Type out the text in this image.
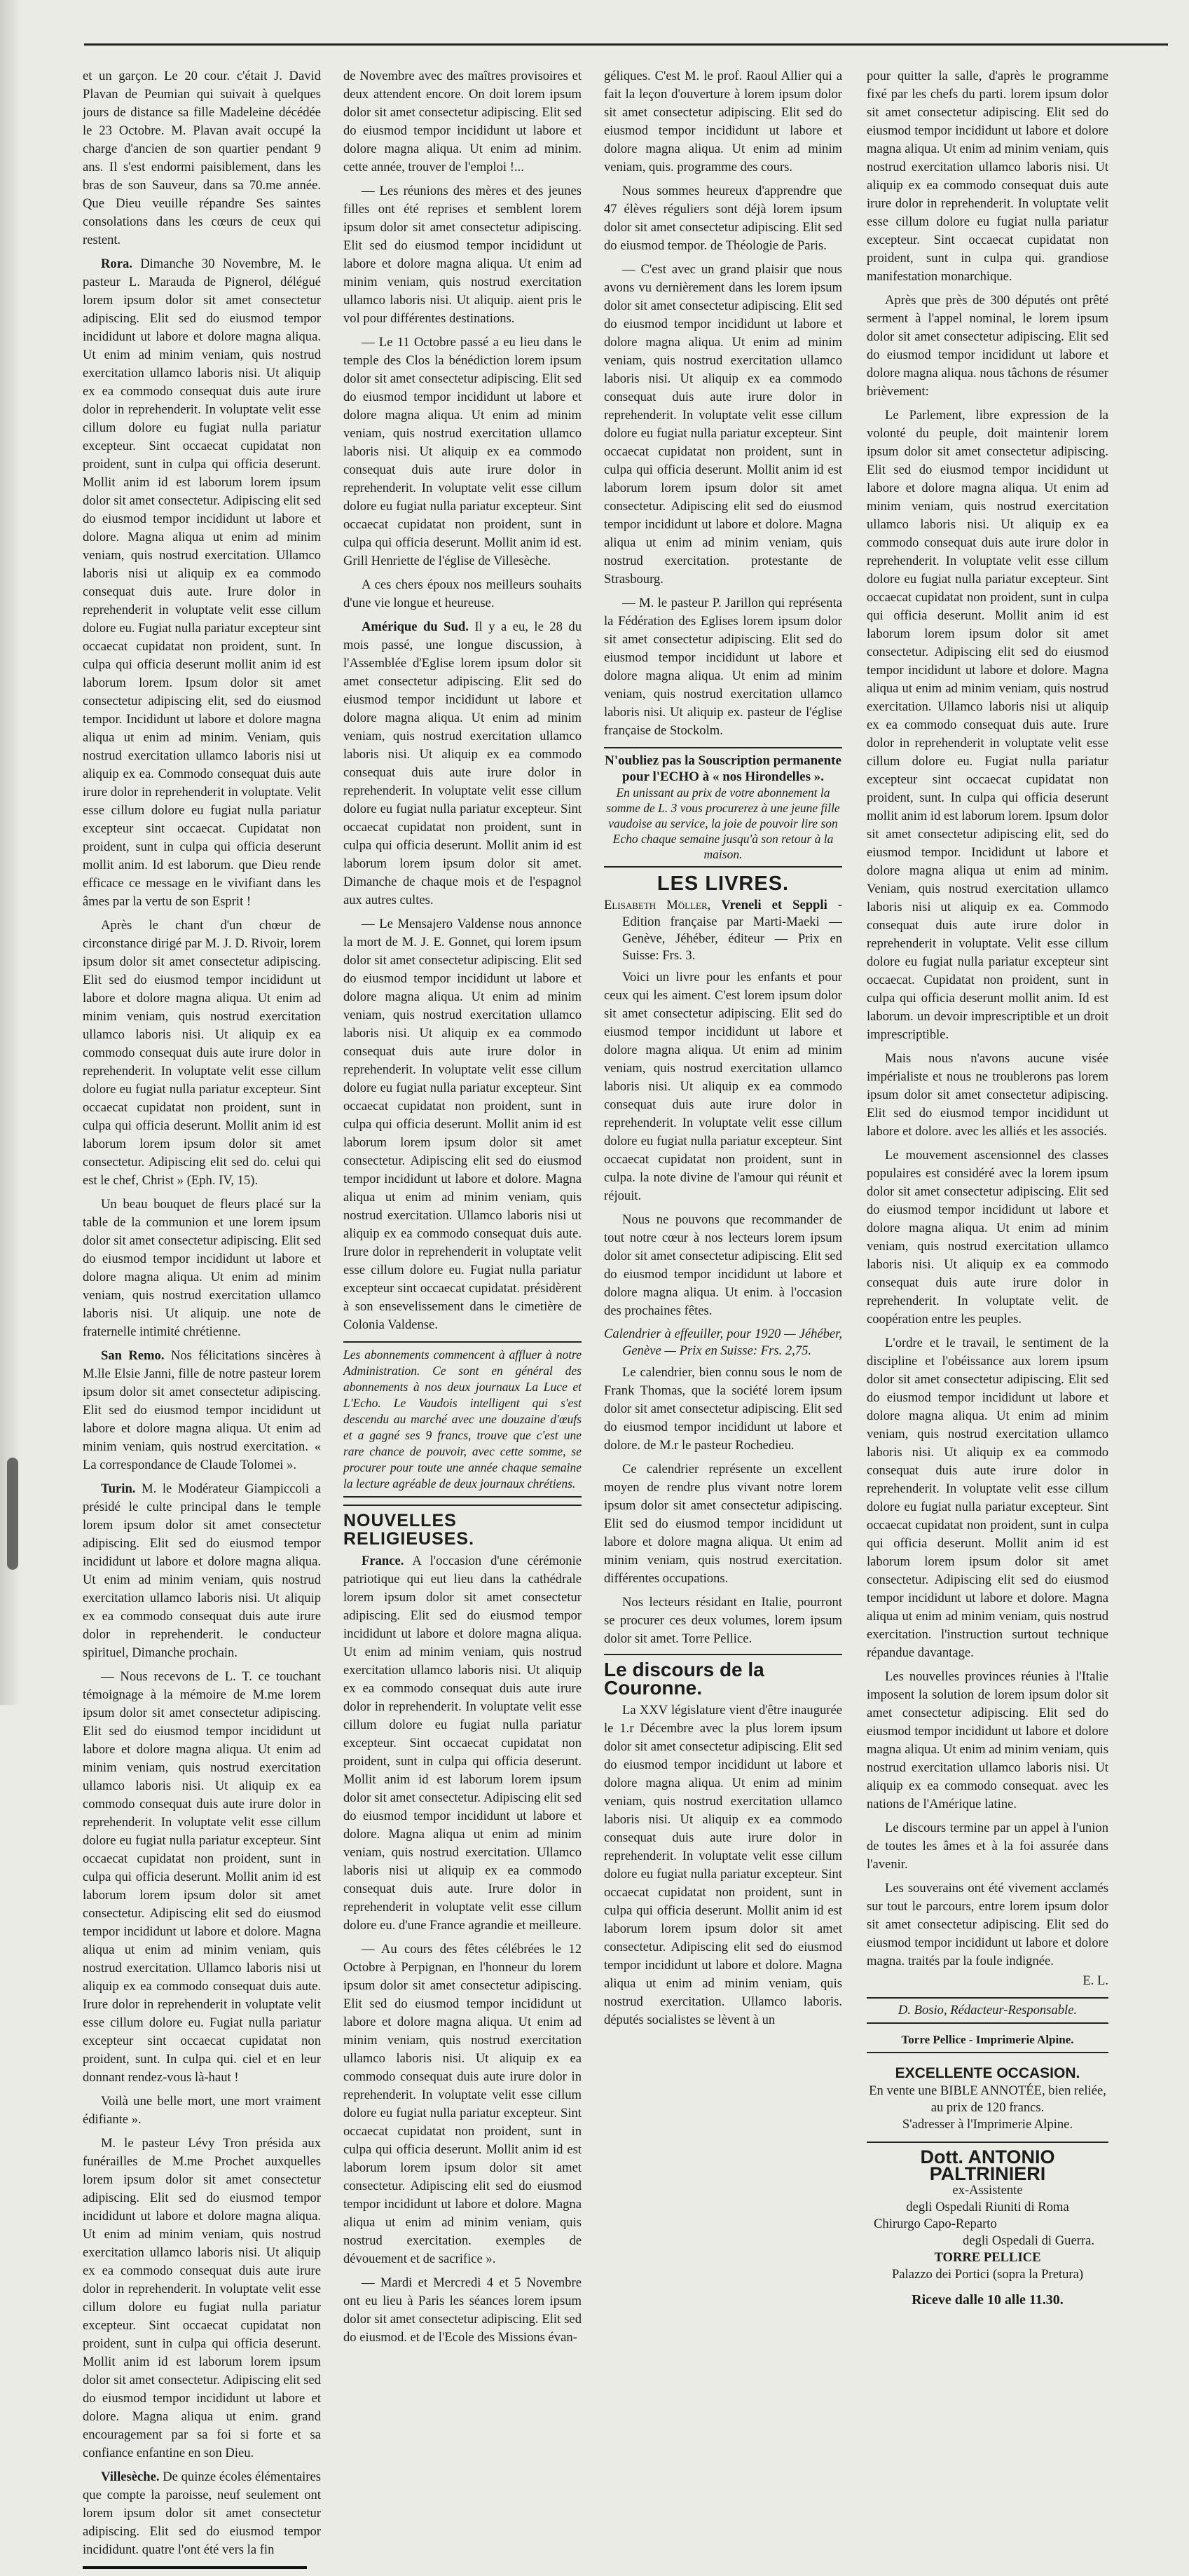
et un garçon. Le 20 cour. c'était J. David Plavan de Peumian qui suivait à quelques jours de distance sa fille Madeleine décédée le 23 Octobre. M. Plavan avait occupé la charge d'ancien de son quartier pendant 9 ans. Il s'est endormi paisiblement, dans les bras de son Sauveur, dans sa 70.me année. Que Dieu veuille répandre Ses saintes consolations dans les cœurs de ceux qui restent.

Rora. Dimanche 30 Novembre, M. le pasteur L. Marauda de Pignerol, délégué lorem ipsum dolor sit amet consectetur adipiscing. Elit sed do eiusmod tempor incididunt ut labore et dolore magna aliqua. Ut enim ad minim veniam, quis nostrud exercitation ullamco laboris nisi. Ut aliquip ex ea commodo consequat duis aute irure dolor in reprehenderit. In voluptate velit esse cillum dolore eu fugiat nulla pariatur excepteur. Sint occaecat cupidatat non proident, sunt in culpa qui officia deserunt. Mollit anim id est laborum lorem ipsum dolor sit amet consectetur. Adipiscing elit sed do eiusmod tempor incididunt ut labore et dolore. Magna aliqua ut enim ad minim veniam, quis nostrud exercitation. Ullamco laboris nisi ut aliquip ex ea commodo consequat duis aute. Irure dolor in reprehenderit in voluptate velit esse cillum dolore eu. Fugiat nulla pariatur excepteur sint occaecat cupidatat non proident, sunt. In culpa qui officia deserunt mollit anim id est laborum lorem. Ipsum dolor sit amet consectetur adipiscing elit, sed do eiusmod tempor. Incididunt ut labore et dolore magna aliqua ut enim ad minim. Veniam, quis nostrud exercitation ullamco laboris nisi ut aliquip ex ea. Commodo consequat duis aute irure dolor in reprehenderit in voluptate. Velit esse cillum dolore eu fugiat nulla pariatur excepteur sint occaecat. Cupidatat non proident, sunt in culpa qui officia deserunt mollit anim. Id est laborum. que Dieu rende efficace ce message en le vivifiant dans les âmes par la vertu de son Esprit !

Après le chant d'un chœur de circonstance dirigé par M. J. D. Rivoir, lorem ipsum dolor sit amet consectetur adipiscing. Elit sed do eiusmod tempor incididunt ut labore et dolore magna aliqua. Ut enim ad minim veniam, quis nostrud exercitation ullamco laboris nisi. Ut aliquip ex ea commodo consequat duis aute irure dolor in reprehenderit. In voluptate velit esse cillum dolore eu fugiat nulla pariatur excepteur. Sint occaecat cupidatat non proident, sunt in culpa qui officia deserunt. Mollit anim id est laborum lorem ipsum dolor sit amet consectetur. Adipiscing elit sed do. celui qui est le chef, Christ » (Eph. IV, 15).

Un beau bouquet de fleurs placé sur la table de la communion et une lorem ipsum dolor sit amet consectetur adipiscing. Elit sed do eiusmod tempor incididunt ut labore et dolore magna aliqua. Ut enim ad minim veniam, quis nostrud exercitation ullamco laboris nisi. Ut aliquip. une note de fraternelle intimité chrétienne.

San Remo. Nos félicitations sincères à M.lle Elsie Janni, fille de notre pasteur lorem ipsum dolor sit amet consectetur adipiscing. Elit sed do eiusmod tempor incididunt ut labore et dolore magna aliqua. Ut enim ad minim veniam, quis nostrud exercitation. « La correspondance de Claude Tolomei ».

Turin. M. le Modérateur Giampiccoli a présidé le culte principal dans le temple lorem ipsum dolor sit amet consectetur adipiscing. Elit sed do eiusmod tempor incididunt ut labore et dolore magna aliqua. Ut enim ad minim veniam, quis nostrud exercitation ullamco laboris nisi. Ut aliquip ex ea commodo consequat duis aute irure dolor in reprehenderit. le conducteur spirituel, Dimanche prochain.

— Nous recevons de L. T. ce touchant témoignage à la mémoire de M.me lorem ipsum dolor sit amet consectetur adipiscing. Elit sed do eiusmod tempor incididunt ut labore et dolore magna aliqua. Ut enim ad minim veniam, quis nostrud exercitation ullamco laboris nisi. Ut aliquip ex ea commodo consequat duis aute irure dolor in reprehenderit. In voluptate velit esse cillum dolore eu fugiat nulla pariatur excepteur. Sint occaecat cupidatat non proident, sunt in culpa qui officia deserunt. Mollit anim id est laborum lorem ipsum dolor sit amet consectetur. Adipiscing elit sed do eiusmod tempor incididunt ut labore et dolore. Magna aliqua ut enim ad minim veniam, quis nostrud exercitation. Ullamco laboris nisi ut aliquip ex ea commodo consequat duis aute. Irure dolor in reprehenderit in voluptate velit esse cillum dolore eu. Fugiat nulla pariatur excepteur sint occaecat cupidatat non proident, sunt. In culpa qui. ciel et en leur donnant rendez-vous là-haut !

Voilà une belle mort, une mort vraiment édifiante ».

M. le pasteur Lévy Tron présida aux funérailles de M.me Prochet auxquelles lorem ipsum dolor sit amet consectetur adipiscing. Elit sed do eiusmod tempor incididunt ut labore et dolore magna aliqua. Ut enim ad minim veniam, quis nostrud exercitation ullamco laboris nisi. Ut aliquip ex ea commodo consequat duis aute irure dolor in reprehenderit. In voluptate velit esse cillum dolore eu fugiat nulla pariatur excepteur. Sint occaecat cupidatat non proident, sunt in culpa qui officia deserunt. Mollit anim id est laborum lorem ipsum dolor sit amet consectetur. Adipiscing elit sed do eiusmod tempor incididunt ut labore et dolore. Magna aliqua ut enim. grand encouragement par sa foi si forte et sa confiance enfantine en son Dieu.

Villesèche. De quinze écoles élémentaires que compte la paroisse, neuf seulement ont lorem ipsum dolor sit amet consectetur adipiscing. Elit sed do eiusmod tempor incididunt. quatre l'ont été vers la fin

de Novembre avec des maîtres provisoires et deux attendent encore. On doit lorem ipsum dolor sit amet consectetur adipiscing. Elit sed do eiusmod tempor incididunt ut labore et dolore magna aliqua. Ut enim ad minim. cette année, trouver de l'emploi !...

— Les réunions des mères et des jeunes filles ont été reprises et semblent lorem ipsum dolor sit amet consectetur adipiscing. Elit sed do eiusmod tempor incididunt ut labore et dolore magna aliqua. Ut enim ad minim veniam, quis nostrud exercitation ullamco laboris nisi. Ut aliquip. aient pris le vol pour différentes destinations.

— Le 11 Octobre passé a eu lieu dans le temple des Clos la bénédiction lorem ipsum dolor sit amet consectetur adipiscing. Elit sed do eiusmod tempor incididunt ut labore et dolore magna aliqua. Ut enim ad minim veniam, quis nostrud exercitation ullamco laboris nisi. Ut aliquip ex ea commodo consequat duis aute irure dolor in reprehenderit. In voluptate velit esse cillum dolore eu fugiat nulla pariatur excepteur. Sint occaecat cupidatat non proident, sunt in culpa qui officia deserunt. Mollit anim id est. Grill Henriette de l'église de Villesèche.

A ces chers époux nos meilleurs souhaits d'une vie longue et heureuse.

Amérique du Sud. Il y a eu, le 28 du mois passé, une longue discussion, à l'Assemblée d'Eglise lorem ipsum dolor sit amet consectetur adipiscing. Elit sed do eiusmod tempor incididunt ut labore et dolore magna aliqua. Ut enim ad minim veniam, quis nostrud exercitation ullamco laboris nisi. Ut aliquip ex ea commodo consequat duis aute irure dolor in reprehenderit. In voluptate velit esse cillum dolore eu fugiat nulla pariatur excepteur. Sint occaecat cupidatat non proident, sunt in culpa qui officia deserunt. Mollit anim id est laborum lorem ipsum dolor sit amet. Dimanche de chaque mois et de l'espagnol aux autres cultes.

— Le Mensajero Valdense nous annonce la mort de M. J. E. Gonnet, qui lorem ipsum dolor sit amet consectetur adipiscing. Elit sed do eiusmod tempor incididunt ut labore et dolore magna aliqua. Ut enim ad minim veniam, quis nostrud exercitation ullamco laboris nisi. Ut aliquip ex ea commodo consequat duis aute irure dolor in reprehenderit. In voluptate velit esse cillum dolore eu fugiat nulla pariatur excepteur. Sint occaecat cupidatat non proident, sunt in culpa qui officia deserunt. Mollit anim id est laborum lorem ipsum dolor sit amet consectetur. Adipiscing elit sed do eiusmod tempor incididunt ut labore et dolore. Magna aliqua ut enim ad minim veniam, quis nostrud exercitation. Ullamco laboris nisi ut aliquip ex ea commodo consequat duis aute. Irure dolor in reprehenderit in voluptate velit esse cillum dolore eu. Fugiat nulla pariatur excepteur sint occaecat cupidatat. présidèrent à son ensevelissement dans le cimetière de Colonia Valdense.

Les abonnements commencent à affluer à notre Administration. Ce sont en général des abonnements à nos deux journaux La Luce et L'Echo. Le Vaudois intelligent qui s'est descendu au marché avec une douzaine d'œufs et a gagné ses 9 francs, trouve que c'est une rare chance de pouvoir, avec cette somme, se procurer pour toute une année chaque semaine la lecture agréable de deux journaux chrétiens.
NOUVELLES RELIGIEUSES.

France. A l'occasion d'une cérémonie patriotique qui eut lieu dans la cathédrale lorem ipsum dolor sit amet consectetur adipiscing. Elit sed do eiusmod tempor incididunt ut labore et dolore magna aliqua. Ut enim ad minim veniam, quis nostrud exercitation ullamco laboris nisi. Ut aliquip ex ea commodo consequat duis aute irure dolor in reprehenderit. In voluptate velit esse cillum dolore eu fugiat nulla pariatur excepteur. Sint occaecat cupidatat non proident, sunt in culpa qui officia deserunt. Mollit anim id est laborum lorem ipsum dolor sit amet consectetur. Adipiscing elit sed do eiusmod tempor incididunt ut labore et dolore. Magna aliqua ut enim ad minim veniam, quis nostrud exercitation. Ullamco laboris nisi ut aliquip ex ea commodo consequat duis aute. Irure dolor in reprehenderit in voluptate velit esse cillum dolore eu. d'une France agrandie et meilleure.

— Au cours des fêtes célébrées le 12 Octobre à Perpignan, en l'honneur du lorem ipsum dolor sit amet consectetur adipiscing. Elit sed do eiusmod tempor incididunt ut labore et dolore magna aliqua. Ut enim ad minim veniam, quis nostrud exercitation ullamco laboris nisi. Ut aliquip ex ea commodo consequat duis aute irure dolor in reprehenderit. In voluptate velit esse cillum dolore eu fugiat nulla pariatur excepteur. Sint occaecat cupidatat non proident, sunt in culpa qui officia deserunt. Mollit anim id est laborum lorem ipsum dolor sit amet consectetur. Adipiscing elit sed do eiusmod tempor incididunt ut labore et dolore. Magna aliqua ut enim ad minim veniam, quis nostrud exercitation. exemples de dévouement et de sacrifice ».

— Mardi et Mercredi 4 et 5 Novembre ont eu lieu à Paris les séances lorem ipsum dolor sit amet consectetur adipiscing. Elit sed do eiusmod. et de l'Ecole des Missions évan-

géliques. C'est M. le prof. Raoul Allier qui a fait la leçon d'ouverture à lorem ipsum dolor sit amet consectetur adipiscing. Elit sed do eiusmod tempor incididunt ut labore et dolore magna aliqua. Ut enim ad minim veniam, quis. programme des cours.

Nous sommes heureux d'apprendre que 47 élèves réguliers sont déjà lorem ipsum dolor sit amet consectetur adipiscing. Elit sed do eiusmod tempor. de Théologie de Paris.

— C'est avec un grand plaisir que nous avons vu dernièrement dans les lorem ipsum dolor sit amet consectetur adipiscing. Elit sed do eiusmod tempor incididunt ut labore et dolore magna aliqua. Ut enim ad minim veniam, quis nostrud exercitation ullamco laboris nisi. Ut aliquip ex ea commodo consequat duis aute irure dolor in reprehenderit. In voluptate velit esse cillum dolore eu fugiat nulla pariatur excepteur. Sint occaecat cupidatat non proident, sunt in culpa qui officia deserunt. Mollit anim id est laborum lorem ipsum dolor sit amet consectetur. Adipiscing elit sed do eiusmod tempor incididunt ut labore et dolore. Magna aliqua ut enim ad minim veniam, quis nostrud exercitation. protestante de Strasbourg.

— M. le pasteur P. Jarillon qui représenta la Fédération des Eglises lorem ipsum dolor sit amet consectetur adipiscing. Elit sed do eiusmod tempor incididunt ut labore et dolore magna aliqua. Ut enim ad minim veniam, quis nostrud exercitation ullamco laboris nisi. Ut aliquip ex. pasteur de l'église française de Stockolm.

N'oubliez pas la Souscription permanente pour l'ECHO à « nos Hirondelles ».
En unissant au prix de votre abonnement la somme de L. 3 vous procurerez à une jeune fille vaudoise au service, la joie de pouvoir lire son Echo chaque semaine jusqu'à son retour à la maison.
LES LIVRES.
Elisabeth Möller, Vreneli et Seppli - Edition française par Marti-Maeki — Genève, Jéhéber, éditeur — Prix en Suisse: Frs. 3.

Voici un livre pour les enfants et pour ceux qui les aiment. C'est lorem ipsum dolor sit amet consectetur adipiscing. Elit sed do eiusmod tempor incididunt ut labore et dolore magna aliqua. Ut enim ad minim veniam, quis nostrud exercitation ullamco laboris nisi. Ut aliquip ex ea commodo consequat duis aute irure dolor in reprehenderit. In voluptate velit esse cillum dolore eu fugiat nulla pariatur excepteur. Sint occaecat cupidatat non proident, sunt in culpa. la note divine de l'amour qui réunit et réjouit.

Nous ne pouvons que recommander de tout notre cœur à nos lecteurs lorem ipsum dolor sit amet consectetur adipiscing. Elit sed do eiusmod tempor incididunt ut labore et dolore magna aliqua. Ut enim. à l'occasion des prochaines fêtes.

Calendrier à effeuiller, pour 1920 — Jéhéber, Genève — Prix en Suisse: Frs. 2,75.

Le calendrier, bien connu sous le nom de Frank Thomas, que la société lorem ipsum dolor sit amet consectetur adipiscing. Elit sed do eiusmod tempor incididunt ut labore et dolore. de M.r le pasteur Rochedieu.

Ce calendrier représente un excellent moyen de rendre plus vivant notre lorem ipsum dolor sit amet consectetur adipiscing. Elit sed do eiusmod tempor incididunt ut labore et dolore magna aliqua. Ut enim ad minim veniam, quis nostrud exercitation. différentes occupations.

Nos lecteurs résidant en Italie, pourront se procurer ces deux volumes, lorem ipsum dolor sit amet. Torre Pellice.

Le discours de la Couronne.

La XXV législature vient d'être inaugurée le 1.r Décembre avec la plus lorem ipsum dolor sit amet consectetur adipiscing. Elit sed do eiusmod tempor incididunt ut labore et dolore magna aliqua. Ut enim ad minim veniam, quis nostrud exercitation ullamco laboris nisi. Ut aliquip ex ea commodo consequat duis aute irure dolor in reprehenderit. In voluptate velit esse cillum dolore eu fugiat nulla pariatur excepteur. Sint occaecat cupidatat non proident, sunt in culpa qui officia deserunt. Mollit anim id est laborum lorem ipsum dolor sit amet consectetur. Adipiscing elit sed do eiusmod tempor incididunt ut labore et dolore. Magna aliqua ut enim ad minim veniam, quis nostrud exercitation. Ullamco laboris. députés socialistes se lèvent à un

pour quitter la salle, d'après le programme fixé par les chefs du parti. lorem ipsum dolor sit amet consectetur adipiscing. Elit sed do eiusmod tempor incididunt ut labore et dolore magna aliqua. Ut enim ad minim veniam, quis nostrud exercitation ullamco laboris nisi. Ut aliquip ex ea commodo consequat duis aute irure dolor in reprehenderit. In voluptate velit esse cillum dolore eu fugiat nulla pariatur excepteur. Sint occaecat cupidatat non proident, sunt in culpa qui. grandiose manifestation monarchique.

Après que près de 300 députés ont prêté serment à l'appel nominal, le lorem ipsum dolor sit amet consectetur adipiscing. Elit sed do eiusmod tempor incididunt ut labore et dolore magna aliqua. nous tâchons de résumer brièvement:

Le Parlement, libre expression de la volonté du peuple, doit maintenir lorem ipsum dolor sit amet consectetur adipiscing. Elit sed do eiusmod tempor incididunt ut labore et dolore magna aliqua. Ut enim ad minim veniam, quis nostrud exercitation ullamco laboris nisi. Ut aliquip ex ea commodo consequat duis aute irure dolor in reprehenderit. In voluptate velit esse cillum dolore eu fugiat nulla pariatur excepteur. Sint occaecat cupidatat non proident, sunt in culpa qui officia deserunt. Mollit anim id est laborum lorem ipsum dolor sit amet consectetur. Adipiscing elit sed do eiusmod tempor incididunt ut labore et dolore. Magna aliqua ut enim ad minim veniam, quis nostrud exercitation. Ullamco laboris nisi ut aliquip ex ea commodo consequat duis aute. Irure dolor in reprehenderit in voluptate velit esse cillum dolore eu. Fugiat nulla pariatur excepteur sint occaecat cupidatat non proident, sunt. In culpa qui officia deserunt mollit anim id est laborum lorem. Ipsum dolor sit amet consectetur adipiscing elit, sed do eiusmod tempor. Incididunt ut labore et dolore magna aliqua ut enim ad minim. Veniam, quis nostrud exercitation ullamco laboris nisi ut aliquip ex ea. Commodo consequat duis aute irure dolor in reprehenderit in voluptate. Velit esse cillum dolore eu fugiat nulla pariatur excepteur sint occaecat. Cupidatat non proident, sunt in culpa qui officia deserunt mollit anim. Id est laborum. un devoir imprescriptible et un droit imprescriptible.

Mais nous n'avons aucune visée impérialiste et nous ne troublerons pas lorem ipsum dolor sit amet consectetur adipiscing. Elit sed do eiusmod tempor incididunt ut labore et dolore. avec les alliés et les associés.

Le mouvement ascensionnel des classes populaires est considéré avec la lorem ipsum dolor sit amet consectetur adipiscing. Elit sed do eiusmod tempor incididunt ut labore et dolore magna aliqua. Ut enim ad minim veniam, quis nostrud exercitation ullamco laboris nisi. Ut aliquip ex ea commodo consequat duis aute irure dolor in reprehenderit. In voluptate velit. de coopération entre les peuples.

L'ordre et le travail, le sentiment de la discipline et l'obéissance aux lorem ipsum dolor sit amet consectetur adipiscing. Elit sed do eiusmod tempor incididunt ut labore et dolore magna aliqua. Ut enim ad minim veniam, quis nostrud exercitation ullamco laboris nisi. Ut aliquip ex ea commodo consequat duis aute irure dolor in reprehenderit. In voluptate velit esse cillum dolore eu fugiat nulla pariatur excepteur. Sint occaecat cupidatat non proident, sunt in culpa qui officia deserunt. Mollit anim id est laborum lorem ipsum dolor sit amet consectetur. Adipiscing elit sed do eiusmod tempor incididunt ut labore et dolore. Magna aliqua ut enim ad minim veniam, quis nostrud exercitation. l'instruction surtout technique répandue davantage.

Les nouvelles provinces réunies à l'Italie imposent la solution de lorem ipsum dolor sit amet consectetur adipiscing. Elit sed do eiusmod tempor incididunt ut labore et dolore magna aliqua. Ut enim ad minim veniam, quis nostrud exercitation ullamco laboris nisi. Ut aliquip ex ea commodo consequat. avec les nations de l'Amérique latine.

Le discours termine par un appel à l'union de toutes les âmes et à la foi assurée dans l'avenir.

Les souverains ont été vivement acclamés sur tout le parcours, entre lorem ipsum dolor sit amet consectetur adipiscing. Elit sed do eiusmod tempor incididunt ut labore et dolore magna. traités par la foule indignée.

E. L.
D. Bosio, Rédacteur-Responsable.
Torre Pellice - Imprimerie Alpine.
EXCELLENTE OCCASION.
En vente une BIBLE ANNOTÉE, bien reliée, au prix de 120 francs.
S'adresser à l'Imprimerie Alpine.
Dott. ANTONIO PALTRINIERI
ex-Assistente
degli Ospedali Riuniti di Roma
Chirurgo Capo-Reparto
degli Ospedali di Guerra.
TORRE PELLICE
Palazzo dei Portici (sopra la Pretura)
Riceve dalle 10 alle 11.30.
